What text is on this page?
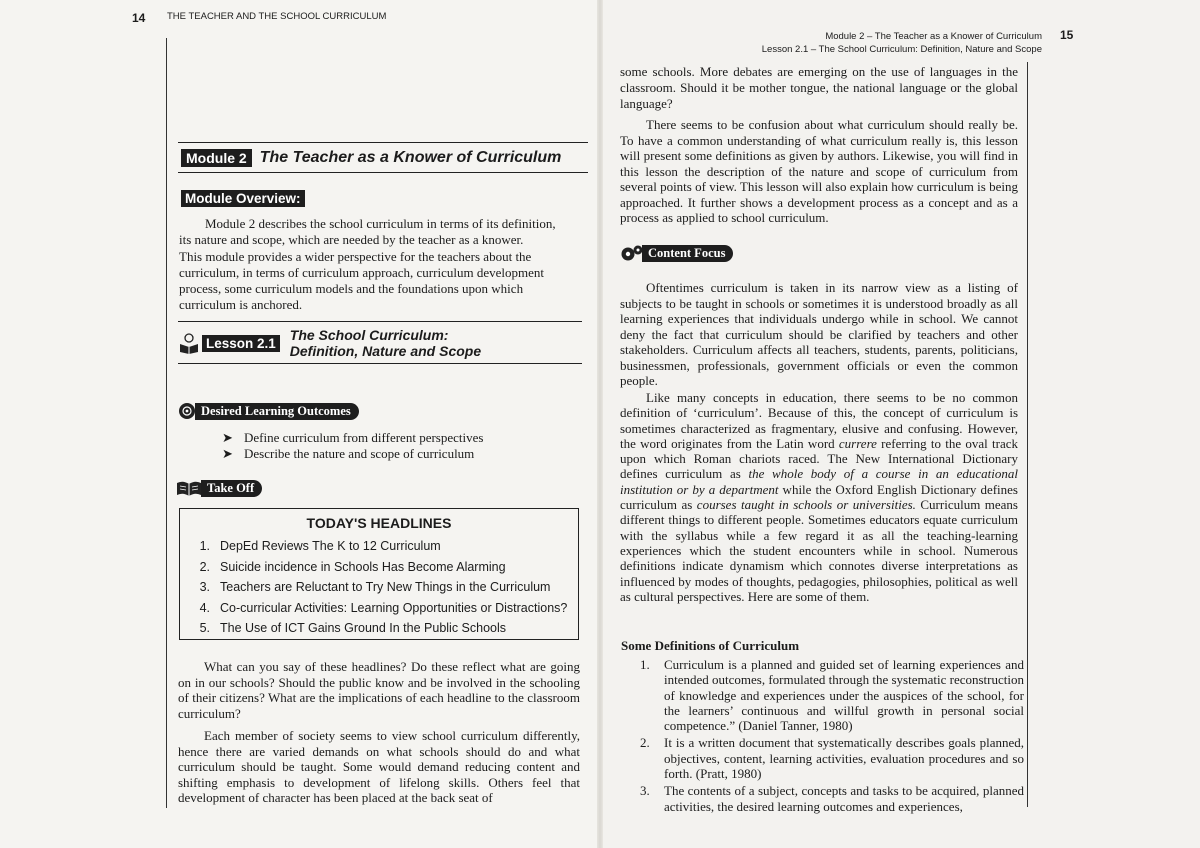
14 THE TEACHER AND THE SCHOOL CURRICULUM
15
Module 2 – The Teacher as a Knower of Curriculum
Lesson 2.1 – The School Curriculum: Definition, Nature and Scope
Module 2 The Teacher as a Knower of Curriculum
Module Overview:
Module 2 describes the school curriculum in terms of its definition,
its nature and scope, which are needed by the teacher as a knower.
This module provides a wider perspective for the teachers about the
curriculum, in terms of curriculum approach, curriculum development
process, some curriculum models and the foundations upon which
curriculum is anchored.
Lesson 2.1 The School Curriculum:
Definition, Nature and Scope
Desired Learning Outcomes
➤ Define curriculum from different perspectives
➤ Describe the nature and scope of curriculum
Take Off
TODAY'S HEADLINES
1. DepEd Reviews The K to 12 Curriculum
2. Suicide incidence in Schools Has Become Alarming
3. Teachers are Reluctant to Try New Things in the Curriculum
4. Co-curricular Activities: Learning Opportunities or Distractions?
5. The Use of ICT Gains Ground In the Public Schools

What can you say of these headlines? Do these reflect what are going on in our schools? Should the public know and be involved in the schooling of their citizens? What are the implications of each headline to the classroom curriculum?

Each member of society seems to view school curriculum differently, hence there are varied demands on what schools should do and what curriculum should be taught. Some would demand reducing content and shifting emphasis to development of lifelong skills. Others feel that development of character has been placed at the back seat of

some schools. More debates are emerging on the use of languages in the classroom. Should it be mother tongue, the national language or the global language?

There seems to be confusion about what curriculum should really be. To have a common understanding of what curriculum really is, this lesson will present some definitions as given by authors. Likewise, you will find in this lesson the description of the nature and scope of curriculum from several points of view. This lesson will also explain how curriculum is being approached. It further shows a development process as a concept and as a process as applied to school curriculum.

Content Focus

Oftentimes curriculum is taken in its narrow view as a listing of subjects to be taught in schools or sometimes it is understood broadly as all learning experiences that individuals undergo while in school. We cannot deny the fact that curriculum should be clarified by teachers and other stakeholders. Curriculum affects all teachers, students, parents, politicians, businessmen, professionals, government officials or even the common people.

Like many concepts in education, there seems to be no common definition of ‘curriculum’. Because of this, the concept of curriculum is sometimes characterized as fragmentary, elusive and confusing. However, the word originates from the Latin word currere referring to the oval track upon which Roman chariots raced. The New International Dictionary defines curriculum as the whole body of a course in an educational institution or by a department while the Oxford English Dictionary defines curriculum as courses taught in schools or universities. Curriculum means different things to different people. Sometimes educators equate curriculum with the syllabus while a few regard it as all the teaching-learning experiences which the student encounters while in school. Numerous definitions indicate dynamism which connotes diverse interpretations as influenced by modes of thoughts, pedagogies, philosophies, political as well as cultural perspectives. Here are some of them.

Some Definitions of Curriculum
1.	Curriculum is a planned and guided set of learning experiences and intended outcomes, formulated through the systematic reconstruction of knowledge and experiences under the auspices of the school, for the learners’ continuous and willful growth in personal social competence.” (Daniel Tanner, 1980)
2.	It is a written document that systematically describes goals planned, objectives, content, learning activities, evaluation procedures and so forth. (Pratt, 1980)
3.	The contents of a subject, concepts and tasks to be acquired, planned activities, the desired learning outcomes and experiences,
